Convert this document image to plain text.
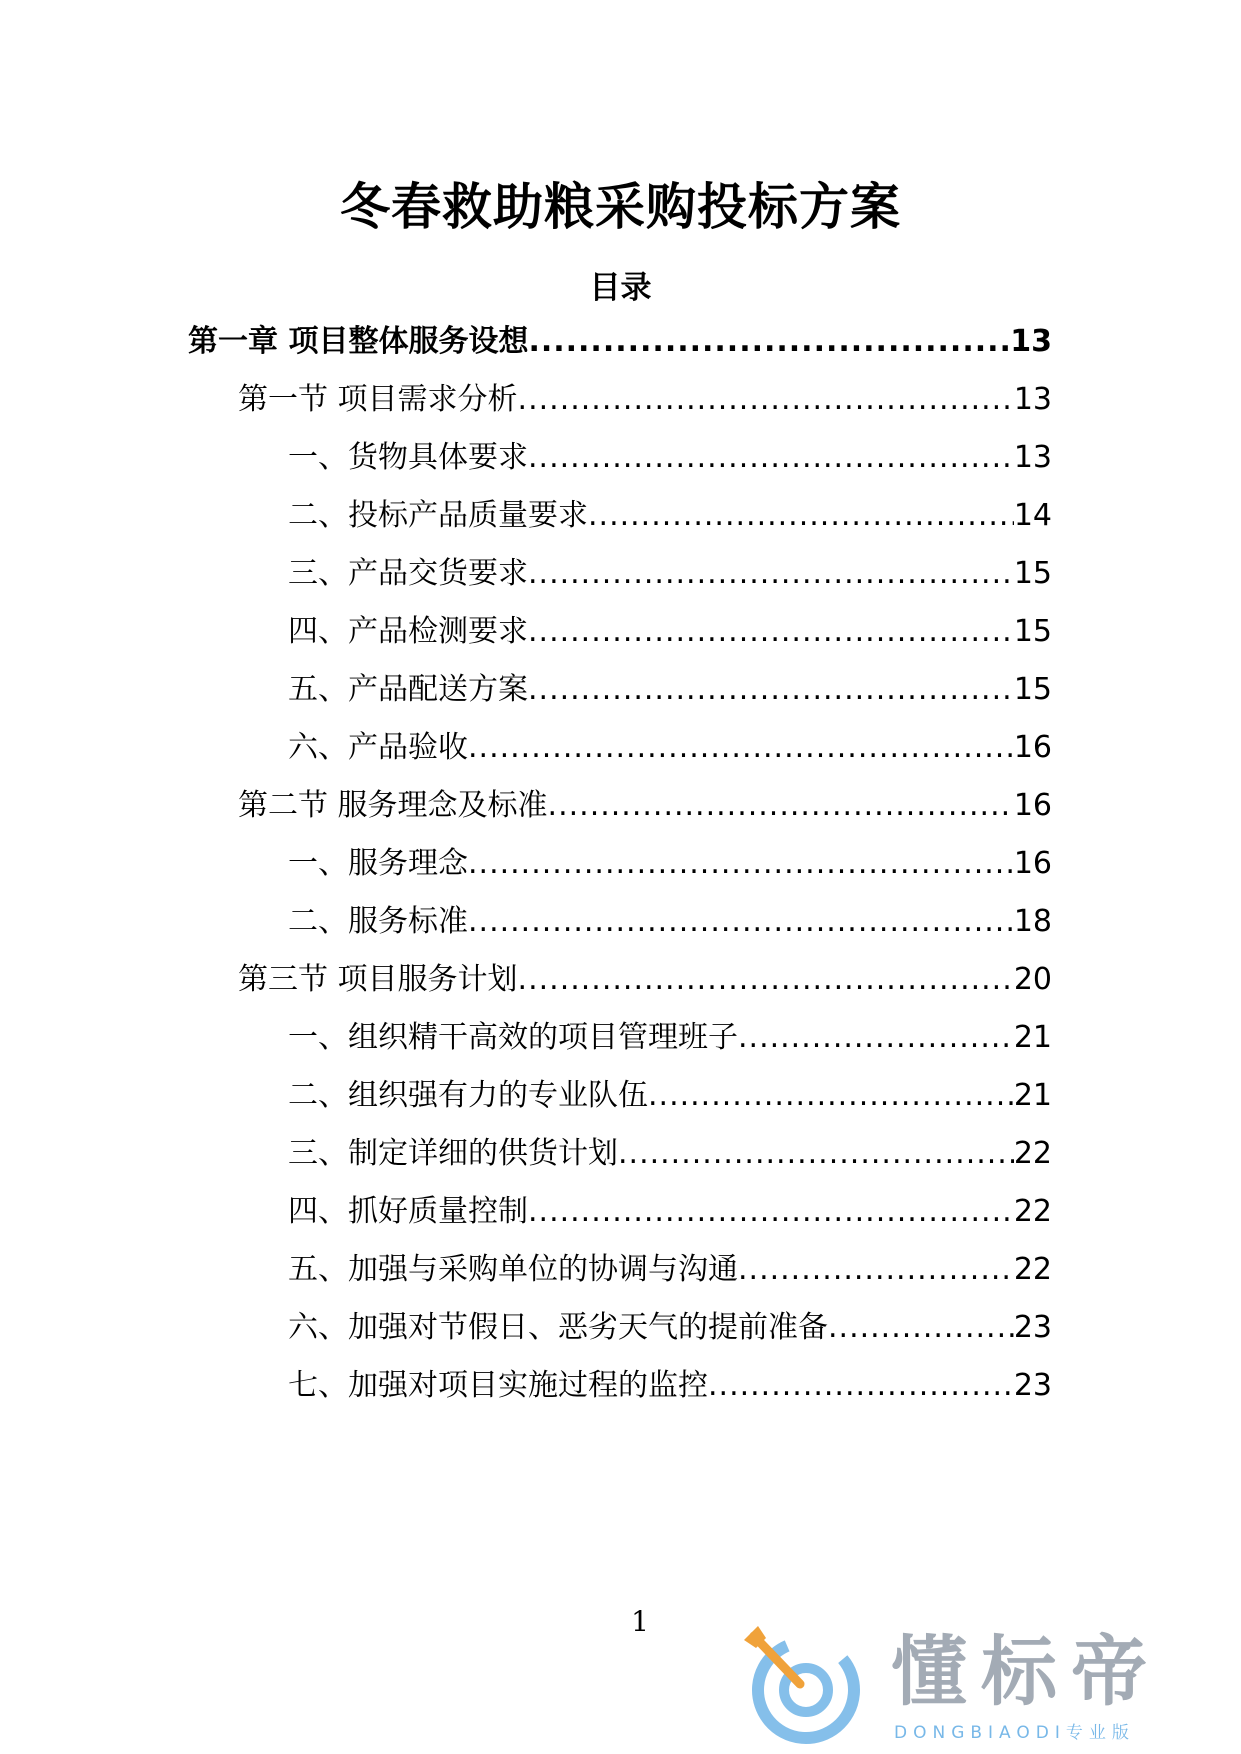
冬春救助粮采购投标方案
目录
第一章 项目整体服务设想 .....	13
第一节 项目需求分析 .....	13
一、货物具体要求 .....	13
二、投标产品质量要求 .....	14
三、产品交货要求 .....	15
四、产品检测要求 .....	15
五、产品配送方案 .....	15
六、产品验收 .....	16
第二节 服务理念及标准 .....	16
一、服务理念 .....	16
二、服务标准 .....	18
第三节 项目服务计划 .....	20
一、组织精干高效的项目管理班子 .....	21
二、组织强有力的专业队伍 .....	21
三、制定详细的供货计划 .....	22
四、抓好质量控制 .....	22
五、加强与采购单位的协调与沟通 .....	22
六、加强对节假日、恶劣天气的提前准备 .....	23
七、加强对项目实施过程的监控 .....	23
1
懂标帝
DONGBIAODI专业版
